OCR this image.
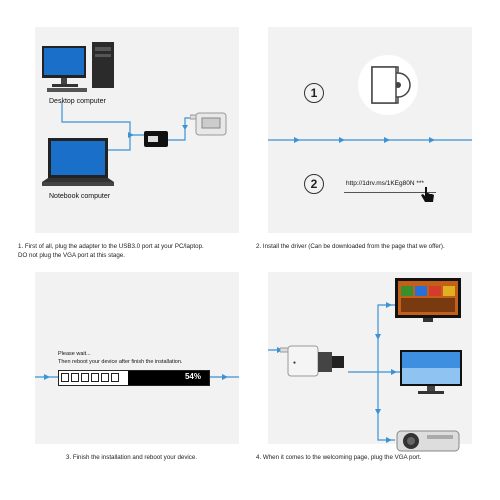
Desktop computer
Notebook computer
1. First of all, plug the adapter to the USB3.0 port at your PC/laptop.
DO not plug the VGA port at this stage.
1
2	http://1drv.ms/1KEg80N ***
2. Install the driver (Can be downloaded from the page that we offer).
Please wait...
Then reboot your device after finish the installation.
54%
3. Finish the installation and reboot your device.
●
4. When it comes to the welcoming page, plug the VGA port.
